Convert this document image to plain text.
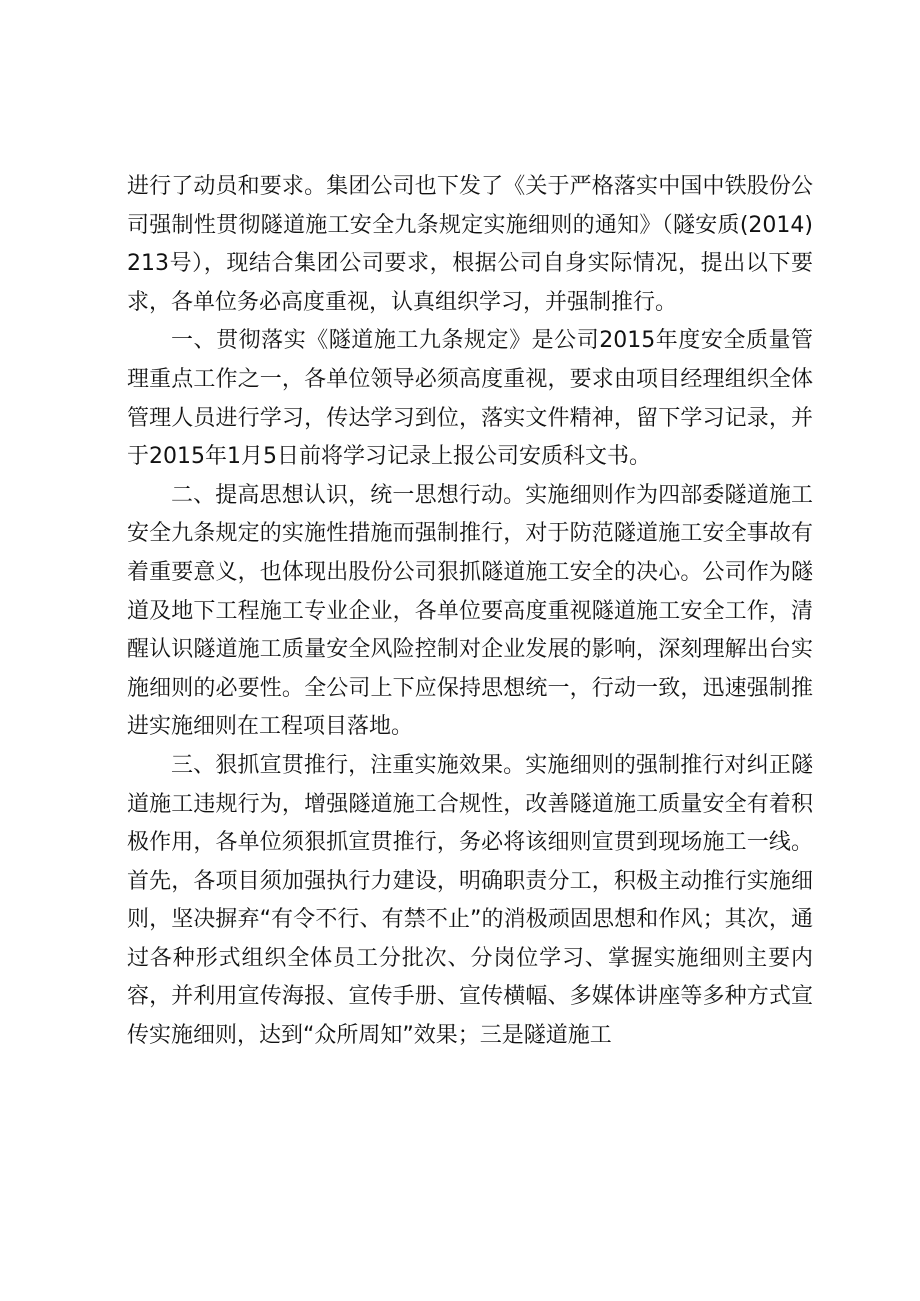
进行了动员和要求。集团公司也下发了《关于严格落实中国中铁股份公司强制性贯彻隧道施工安全九条规定实施细则的通知》（隧安质(2014)213号），现结合集团公司要求，根据公司自身实际情况，提出以下要求，各单位务必高度重视，认真组织学习，并强制推行。

一、贯彻落实《隧道施工九条规定》是公司2015年度安全质量管理重点工作之一，各单位领导必须高度重视，要求由项目经理组织全体管理人员进行学习，传达学习到位，落实文件精神，留下学习记录，并于2015年1月5日前将学习记录上报公司安质科文书。

二、提高思想认识，统一思想行动。实施细则作为四部委隧道施工安全九条规定的实施性措施而强制推行，对于防范隧道施工安全事故有着重要意义，也体现出股份公司狠抓隧道施工安全的决心。公司作为隧道及地下工程施工专业企业，各单位要高度重视隧道施工安全工作，清醒认识隧道施工质量安全风险控制对企业发展的影响，深刻理解出台实施细则的必要性。全公司上下应保持思想统一，行动一致，迅速强制推进实施细则在工程项目落地。

三、狠抓宣贯推行，注重实施效果。实施细则的强制推行对纠正隧道施工违规行为，增强隧道施工合规性，改善隧道施工质量安全有着积极作用，各单位须狠抓宣贯推行，务必将该细则宣贯到现场施工一线。首先，各项目须加强执行力建设，明确职责分工，积极主动推行实施细则，坚决摒弃“有令不行、有禁不止”的消极顽固思想和作风；其次，通过各种形式组织全体员工分批次、分岗位学习、掌握实施细则主要内容，并利用宣传海报、宣传手册、宣传横幅、多媒体讲座等多种方式宣传实施细则，达到“众所周知”效果；三是隧道施工
